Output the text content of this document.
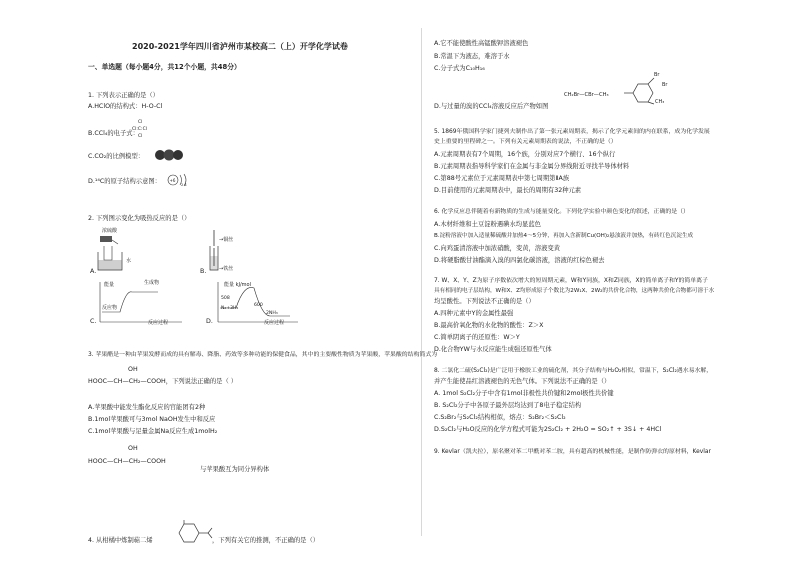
2020-2021学年四川省泸州市某校高二（上）开学化学试卷
一、单选题（每小题4分，共12个小题，共48分）
1. 下列表示正确的是（）
A.HClO的结构式：H-O-Cl
B.CCl₄的电子式：
Cl
Cl:C:Cl
Cl
C.CO₂的比例模型：
D.¹⁴C的原子结构示意图： +6
2 4
2. 下列图示变化为吸热反应的是（）
浓硫酸
水
A.
→铜丝
→铁丝
B.
能量	生成物
反应物
反应过程
C.
能量 kJ/mol
508
600
N₂+3H₂
2NH₃
反应过程
D.
3. 苹果醋是一种由苹果发酵而成的具有解毒、降脂、药效等多种功能的保健食品，其中的主要酸性物质为苹果酸，苹果酸的结构简式为
OH
HOOC—CH—CH₂—COOH，下列说法正确的是（ ）
A.苹果酸中能发生酯化反应的官能团有2种
B.1mol苹果酸可与3mol NaOH发生中和反应
C.1mol苹果酸与足量金属Na反应生成1molH₂
OH
HOOC—CH—CH₂—COOH
与苹果酸互为同分异构体
4. 从柑橘中炼制萜二烯	，下列有关它的推测，不正确的是（）
A.它不能使酸性高锰酸钾溶液褪色
B.常温下为液态，难溶于水
C.分子式为C₁₀H₁₆
CH₂Br—CBr—CH₃
Br
Br
CH₃
D.与过量的溴的CCl₄溶液反应后产物如图
5. 1869年俄国科学家门捷列夫制作出了第一张元素周期表，揭示了化学元素间的内在联系，成为化学发展
史上重要的里程碑之一。下列有关元素周期表的说法，不正确的是（）
A.元素周期表有7个周期，16个族，分别对应7个横行、16个纵行
B.元素周期表指导科学家们在金属与非金属分界线附近寻找半导体材料
C.第88号元素位于元素周期表中第七周期第ⅡA族
D.目前使用的元素周期表中，最长的周期有32种元素
6. 化学反应总伴随着有新物质的生成与能量变化。下列化学实验中颜色变化的叙述，正确的是（）
A.木材纤维和土豆淀粉遇碘水均显蓝色
B.淀粉溶液中加入适量稀硫酸并加热4～5分钟，再加入含新制Cu(OH)₂悬浊液并加热，有砖红色沉淀生成
C.向鸡蛋清溶液中加浓硝酸，变黄，溶液变黄
D.将硬脂酸甘油酯滴入溴的四氯化碳溶液，溶液的红棕色褪去
7. W、X、Y、Z为原子序数依次增大的短周期元素，W和Y同族，X和Z同族，X的简单离子和Y的简单离子
具有相同的电子层结构，W和X、Z均形成原子个数比为2W₁X、2W₂的共价化合物，这两种共价化合物都可溶于水
均呈酸性。下列说法不正确的是（）
A.四种元素中Y的金属性最强
B.最高价氧化物的水化物的酸性：Z＞X
C.简单阴离子的还原性：W＞Y
D.化合物YW与水反应能生成强还原性气体
8. 二氯化二硫(S₂Cl₂)是广泛用于橡胶工业的硫化剂，其分子结构与H₂O₂相似，常温下，S₂Cl₂遇水易水解，
并产生能使品红溶液褪色的无色气体。下列说法不正确的是（）
A. 1mol S₂Cl₂分子中含有1mol非极性共价键和2mol极性共价键
B. S₂Cl₂分子中各原子最外层均达到了8电子稳定结构
C.S₂Br₂与S₂Cl₂结构相似，熔点：S₂Br₂＜S₂Cl₂
D.S₂Cl₂与H₂O反应的化学方程式可能为2S₂Cl₂ + 2H₂O = SO₂↑ + 3S↓ + 4HCl
9. Kevlar（凯夫拉），原名聚对苯二甲酰对苯二胺，具有超高的机械性能，是制作防弹衣的原材料，Kevlar
